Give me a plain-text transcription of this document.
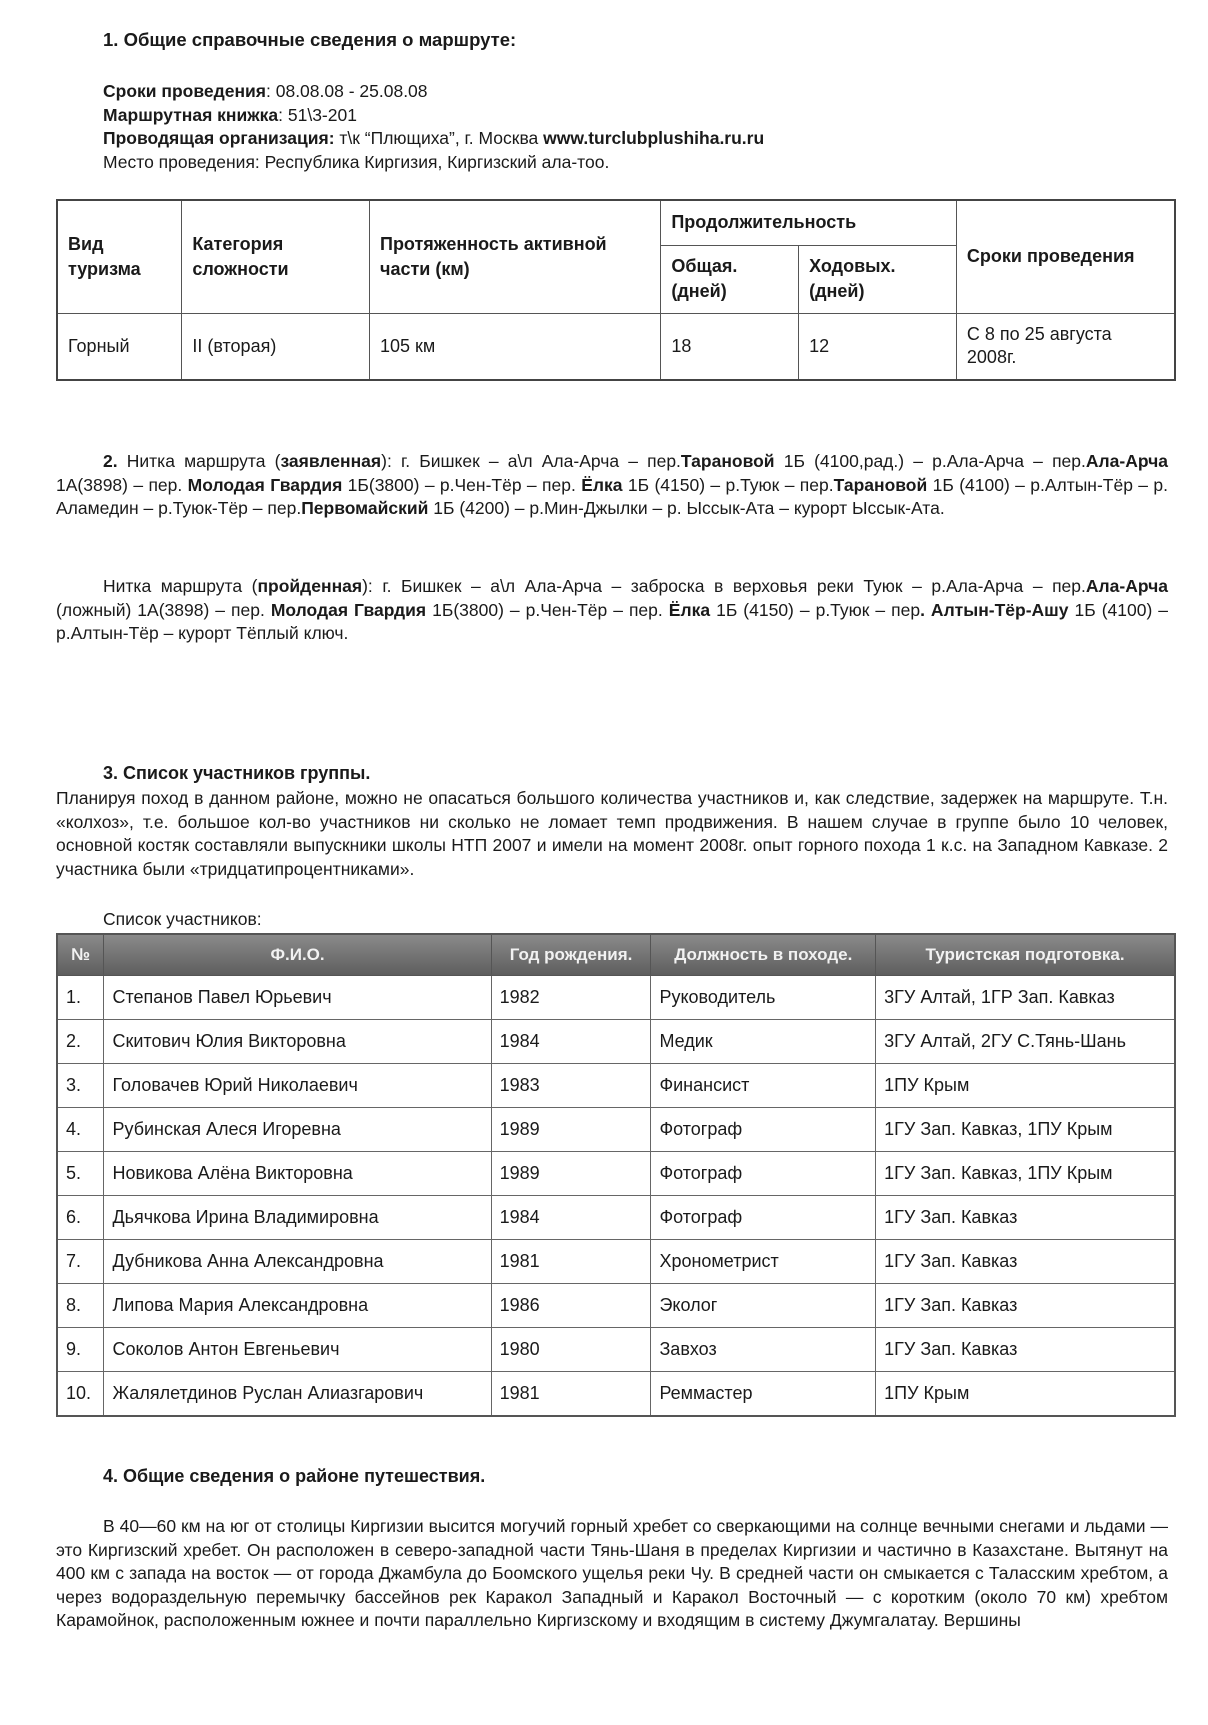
1. Общие справочные сведения о маршруте:
Сроки проведения: 08.08.08 - 25.08.08
Маршрутная книжка: 51\3-201
Проводящая организация: т\к “Плющиха”, г. Москва www.turclubplushiha.ru.ru
Место проведения: Республика Киргизия, Киргизский ала-тоо.
Вид туризма	Категория сложности	Протяженность активной части (км)	Продолжительность		Сроки проведения
			Общая. (дней)	Ходовых. (дней)	
Горный	II (вторая)	105 км	18	12	С 8 по 25 августа 2008г.

2. Нитка маршрута (заявленная): г. Бишкек – а\л Ала-Арча – пер.Тарановой 1Б (4100,рад.) – р.Ала-Арча – пер.Ала-Арча 1А(3898) – пер. Молодая Гвардия 1Б(3800) – р.Чен-Тёр – пер. Ёлка 1Б (4150) – р.Туюк – пер.Тарановой 1Б (4100) – р.Алтын-Тёр – р. Аламедин – р.Туюк-Тёр – пер.Первомайский 1Б (4200) – р.Мин-Джылки – р. Ыссык-Ата – курорт Ыссык-Ата.

Нитка маршрута (пройденная): г. Бишкек – а\л Ала-Арча – заброска в верховья реки Туюк – р.Ала-Арча – пер.Ала-Арча (ложный) 1А(3898) – пер. Молодая Гвардия 1Б(3800) – р.Чен-Тёр – пер. Ёлка 1Б (4150) – р.Туюк – пер. Алтын-Тёр-Ашу 1Б (4100) – р.Алтын-Тёр – курорт Тёплый ключ.

3. Список участников группы.

Планируя поход в данном районе, можно не опасаться большого количества участников и, как следствие, задержек на маршруте. Т.н. «колхоз», т.е. большое кол-во участников ни сколько не ломает темп продвижения. В нашем случае в группе было 10 человек, основной костяк составляли выпускники школы НТП 2007 и имели на момент 2008г. опыт горного похода 1 к.с. на Западном Кавказе. 2 участника были «тридцатипроцентниками».

Список участников:
№	Ф.И.О.	Год рождения.	Должность в походе.	Туристская подготовка.
1.	Степанов Павел Юрьевич	1982	Руководитель	3ГУ Алтай, 1ГР Зап. Кавказ
2.	Скитович Юлия Викторовна	1984	Медик	3ГУ Алтай, 2ГУ С.Тянь-Шань
3.	Головачев Юрий Николаевич	1983	Финансист	1ПУ Крым
4.	Рубинская Алеся Игоревна	1989	Фотограф	1ГУ Зап. Кавказ, 1ПУ Крым
5.	Новикова Алёна Викторовна	1989	Фотограф	1ГУ Зап. Кавказ, 1ПУ Крым
6.	Дьячкова Ирина Владимировна	1984	Фотограф	1ГУ Зап. Кавказ
7.	Дубникова Анна Александровна	1981	Хронометрист	1ГУ Зап. Кавказ
8.	Липова Мария Александровна	1986	Эколог	1ГУ Зап. Кавказ
9.	Соколов Антон Евгеньевич	1980	Завхоз	1ГУ Зап. Кавказ
10.	Жалялетдинов Руслан Алиазгарович	1981	Реммастер	1ПУ Крым
4. Общие сведения о районе путешествия.

В 40—60 км на юг от столицы Киргизии высится могучий горный хребет со сверкающими на солнце вечными снегами и льдами — это Киргизский хребет. Он расположен в северо-западной части Тянь-Шаня в пределах Киргизии и частично в Казахстане. Вытянут на 400 км с запада на восток — от города Джамбула до Боомского ущелья реки Чу. В средней части он смыкается с Таласским хребтом, а через водораздельную перемычку бассейнов рек Каракол Западный и Каракол Восточный — с коротким (около 70 км) хребтом Карамойнок, расположенным южнее и почти параллельно Киргизскому и входящим в систему Джумгалатау. Вершины
